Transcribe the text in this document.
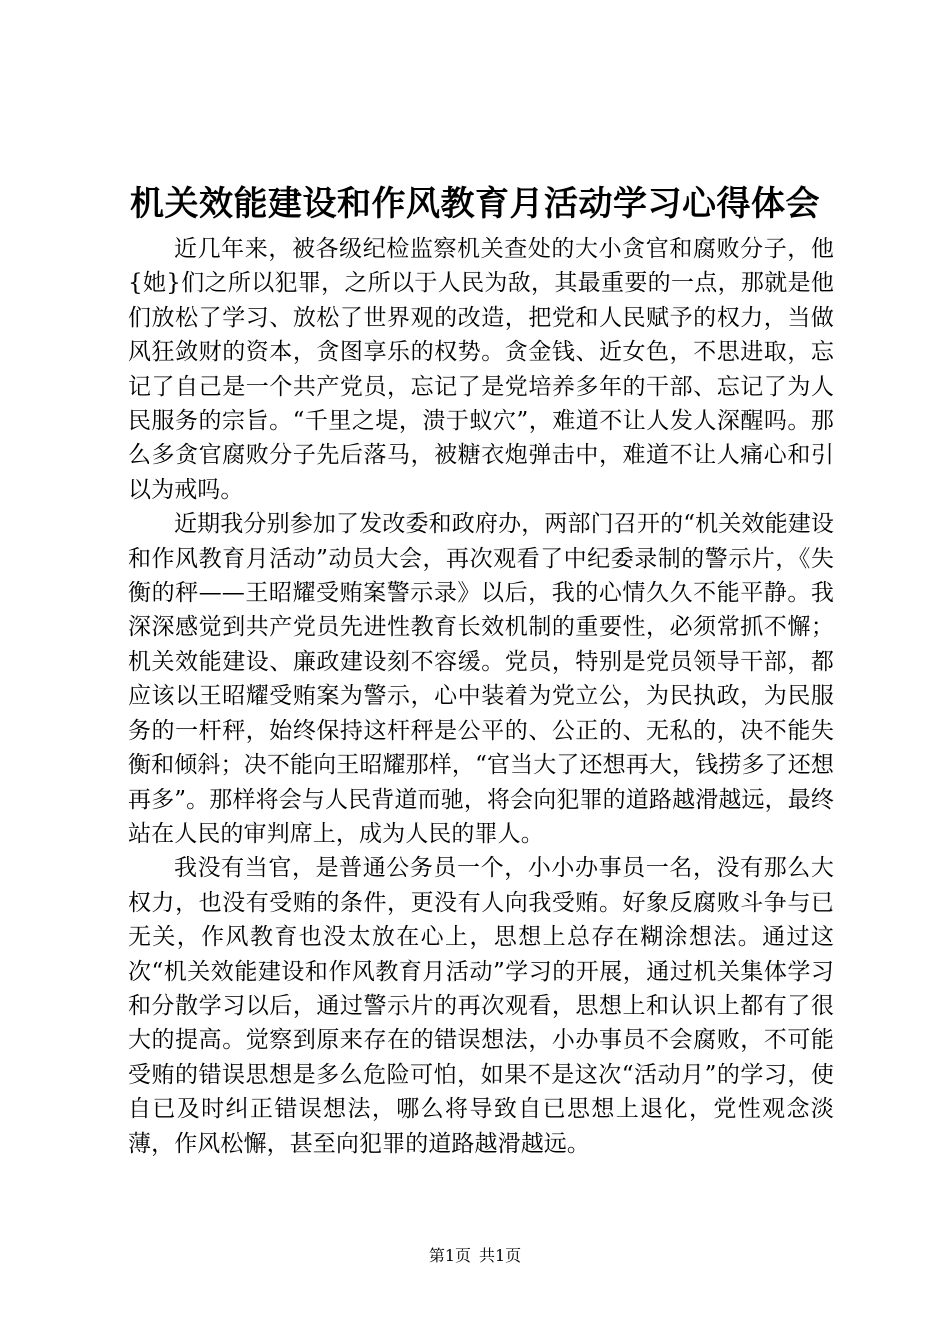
机关效能建设和作风教育月活动学习心得体会

近几年来，被各级纪检监察机关查处的大小贪官和腐败分子，他{她}们之所以犯罪，之所以于人民为敌，其最重要的一点，那就是他们放松了学习、放松了世界观的改造，把党和人民赋予的权力，当做风狂敛财的资本，贪图享乐的权势。贪金钱、近女色，不思进取，忘记了自己是一个共产党员，忘记了是党培养多年的干部、忘记了为人民服务的宗旨。“千里之堤，溃于蚁穴”，难道不让人发人深醒吗。那么多贪官腐败分子先后落马，被糖衣炮弹击中，难道不让人痛心和引以为戒吗。

近期我分别参加了发改委和政府办，两部门召开的“机关效能建设和作风教育月活动”动员大会，再次观看了中纪委录制的警示片，《失衡的秤——王昭耀受贿案警示录》以后，我的心情久久不能平静。我深深感觉到共产党员先进性教育长效机制的重要性，必须常抓不懈；机关效能建设、廉政建设刻不容缓。党员，特别是党员领导干部，都应该以王昭耀受贿案为警示，心中装着为党立公，为民执政，为民服务的一杆秤，始终保持这杆秤是公平的、公正的、无私的，决不能失衡和倾斜；决不能向王昭耀那样，“官当大了还想再大，钱捞多了还想再多”。那样将会与人民背道而驰，将会向犯罪的道路越滑越远，最终站在人民的审判席上，成为人民的罪人。

我没有当官，是普通公务员一个，小小办事员一名，没有那么大权力，也没有受贿的条件，更没有人向我受贿。好象反腐败斗争与已无关，作风教育也没太放在心上，思想上总存在糊涂想法。通过这次“机关效能建设和作风教育月活动”学习的开展，通过机关集体学习和分散学习以后，通过警示片的再次观看，思想上和认识上都有了很大的提高。觉察到原来存在的错误想法，小办事员不会腐败，不可能受贿的错误思想是多么危险可怕，如果不是这次“活动月”的学习，使自已及时纠正错误想法，哪么将导致自已思想上退化，党性观念淡薄，作风松懈，甚至向犯罪的道路越滑越远。

第1页 共1页
